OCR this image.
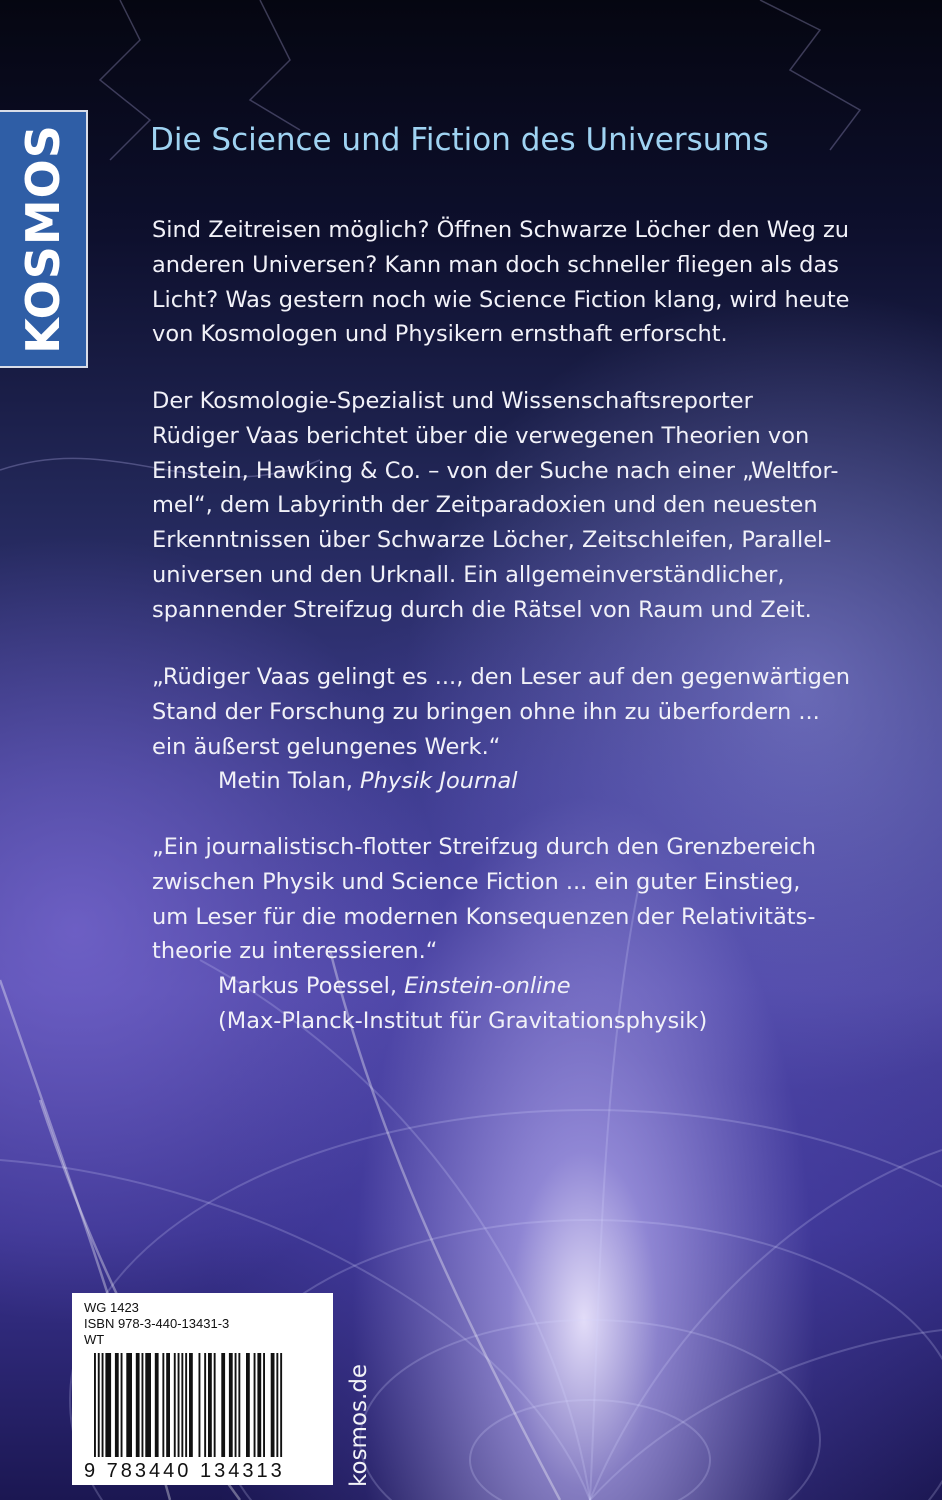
KOSMOS	Die Science und Fiction des Universums
Sind Zeitreisen möglich? Öffnen Schwarze Löcher den Weg zu
anderen Universen? Kann man doch schneller fliegen als das
Licht? Was gestern noch wie Science Fiction klang, wird heute
von Kosmologen und Physikern ernsthaft erforscht.
Der Kosmologie-Spezialist und Wissenschaftsreporter
Rüdiger Vaas berichtet über die verwegenen Theorien von
Einstein, Hawking & Co. – von der Suche nach einer „Weltfor-
mel“, dem Labyrinth der Zeitparadoxien und den neuesten
Erkenntnissen über Schwarze Löcher, Zeitschleifen, Parallel-
universen und den Urknall. Ein allgemeinverständlicher,
spannender Streifzug durch die Rätsel von Raum und Zeit.
„Rüdiger Vaas gelingt es ..., den Leser auf den gegenwärtigen
Stand der Forschung zu bringen ohne ihn zu überfordern ...
ein äußerst gelungenes Werk.“
Metin Tolan, Physik Journal
„Ein journalistisch-flotter Streifzug durch den Grenzbereich
zwischen Physik und Science Fiction ... ein guter Einstieg,
um Leser für die modernen Konsequenzen der Relativitäts-
theorie zu interessieren.“
Markus Poessel, Einstein-online
(Max-Planck-Institut für Gravitationsphysik)
WG 1423
ISBN 978-3-440-13431-3
WT
9 783440 134313	kosmos.de
